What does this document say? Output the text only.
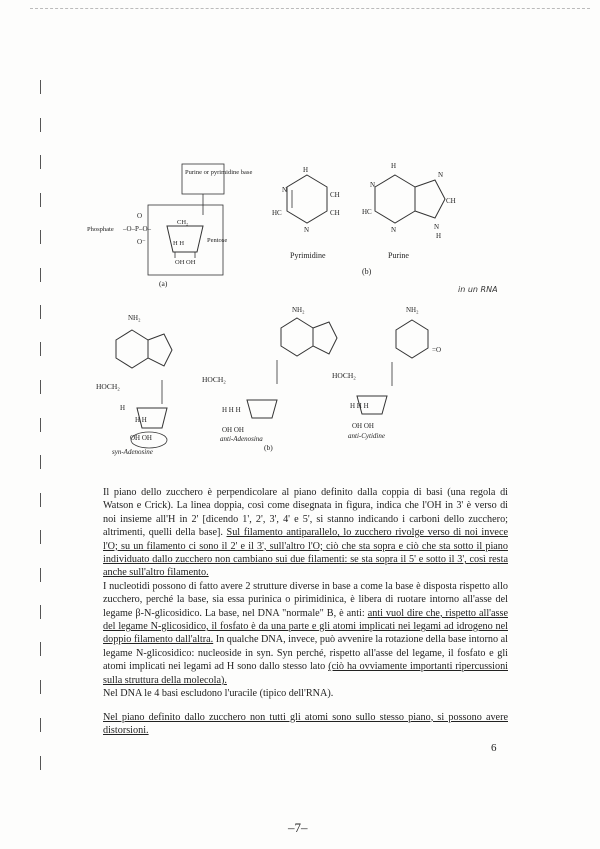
Purine or pyrimidine base
Phosphate –O–P–O–
O
O⁻
CH₂
H H
OH OH
Pentose
(a)
H
CH
CH
HC
N
N
Pyrimidine
H
N
CH
N
H
HC
N
N
Purine
(b)
in un RNA
NH₂
HOCH₂
H
H H
OH OH
syn-Adenosine
NH₂
HOCH₂
H H H
OH OH
anti-Adenosina
(b)
NH₂
=O
HOCH₂
H H H
OH OH
anti-Cytidine

Il piano dello zucchero è perpendicolare al piano definito dalla coppia di basi (una regola di Watson e Crick). La linea doppia, così come disegnata in figura, indica che l'OH in 3' è verso di noi insieme all'H in 2' [dicendo 1', 2', 3', 4' e 5', si stanno indicando i carboni dello zucchero; altrimenti, quelli della base]. Sul filamento antiparallelo, lo zucchero rivolge verso di noi invece l'O; su un filamento ci sono il 2' e il 3', sull'altro l'O; ciò che sta sopra e ciò che sta sotto il piano individuato dallo zucchero non cambiano sui due filamenti: se sta sopra il 5' e sotto il 3', così resta anche sull'altro filamento.

I nucleotidi possono di fatto avere 2 strutture diverse in base a come la base è disposta rispetto allo zucchero, perché la base, sia essa purinica o pirimidinica, è libera di ruotare intorno all'asse del legame β-N-glicosidico. La base, nel DNA "normale" B, è anti: anti vuol dire che, rispetto all'asse del legame N-glicosidico, il fosfato è da una parte e gli atomi implicati nei legami ad idrogeno nel doppio filamento dall'altra. In qualche DNA, invece, può avvenire la rotazione della base intorno al legame N-glicosidico: nucleoside in syn. Syn perché, rispetto all'asse del legame, il fosfato e gli atomi implicati nei legami ad H sono dallo stesso lato (ciò ha ovviamente importanti ripercussioni sulla struttura della molecola).

Nel DNA le 4 basi escludono l'uracile (tipico dell'RNA).

Nel piano definito dallo zucchero non tutti gli atomi sono sullo stesso piano, si possono avere distorsioni.

6
–7–
